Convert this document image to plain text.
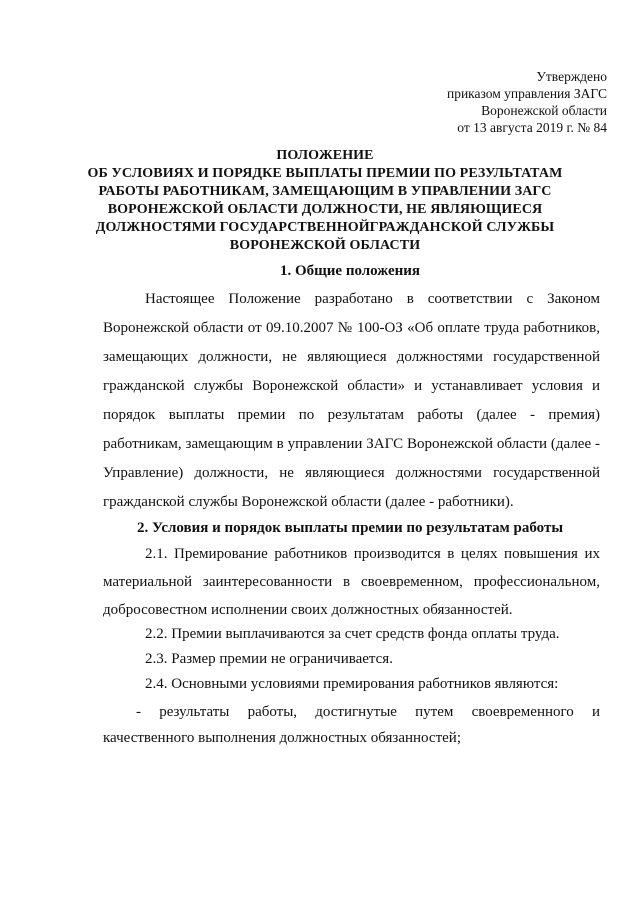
Утверждено
приказом управления ЗАГС
Воронежской области
от 13 августа 2019 г. № 84
ПОЛОЖЕНИЕ
ОБ УСЛОВИЯХ И ПОРЯДКЕ ВЫПЛАТЫ ПРЕМИИ ПО РЕЗУЛЬТАТАМ
РАБОТЫ РАБОТНИКАМ, ЗАМЕЩАЮЩИМ В УПРАВЛЕНИИ ЗАГС
ВОРОНЕЖСКОЙ ОБЛАСТИ ДОЛЖНОСТИ, НЕ ЯВЛЯЮЩИЕСЯ
ДОЛЖНОСТЯМИ ГОСУДАРСТВЕННОЙГРАЖДАНСКОЙ СЛУЖБЫ
ВОРОНЕЖСКОЙ ОБЛАСТИ
1. Общие положения
Настоящее Положение разработано в соответствии с Законом
Воронежской области от 09.10.2007 № 100-ОЗ «Об оплате труда работников,
замещающих должности, не являющиеся должностями государственной
гражданской службы Воронежской области» и устанавливает условия и
порядок выплаты премии по результатам работы (далее - премия)
работникам, замещающим в управлении ЗАГС Воронежской области (далее -
Управление) должности, не являющиеся должностями государственной
гражданской службы Воронежской области (далее - работники).
2. Условия и порядок выплаты премии по результатам работы
2.1. Премирование работников производится в целях повышения их
материальной заинтересованности в своевременном, профессиональном,
добросовестном исполнении своих должностных обязанностей.
2.2. Премии выплачиваются за счет средств фонда оплаты труда.
2.3. Размер премии не ограничивается.
2.4. Основными условиями премирования работников являются:
- результаты работы, достигнутые путем своевременного и
качественного выполнения должностных обязанностей;
